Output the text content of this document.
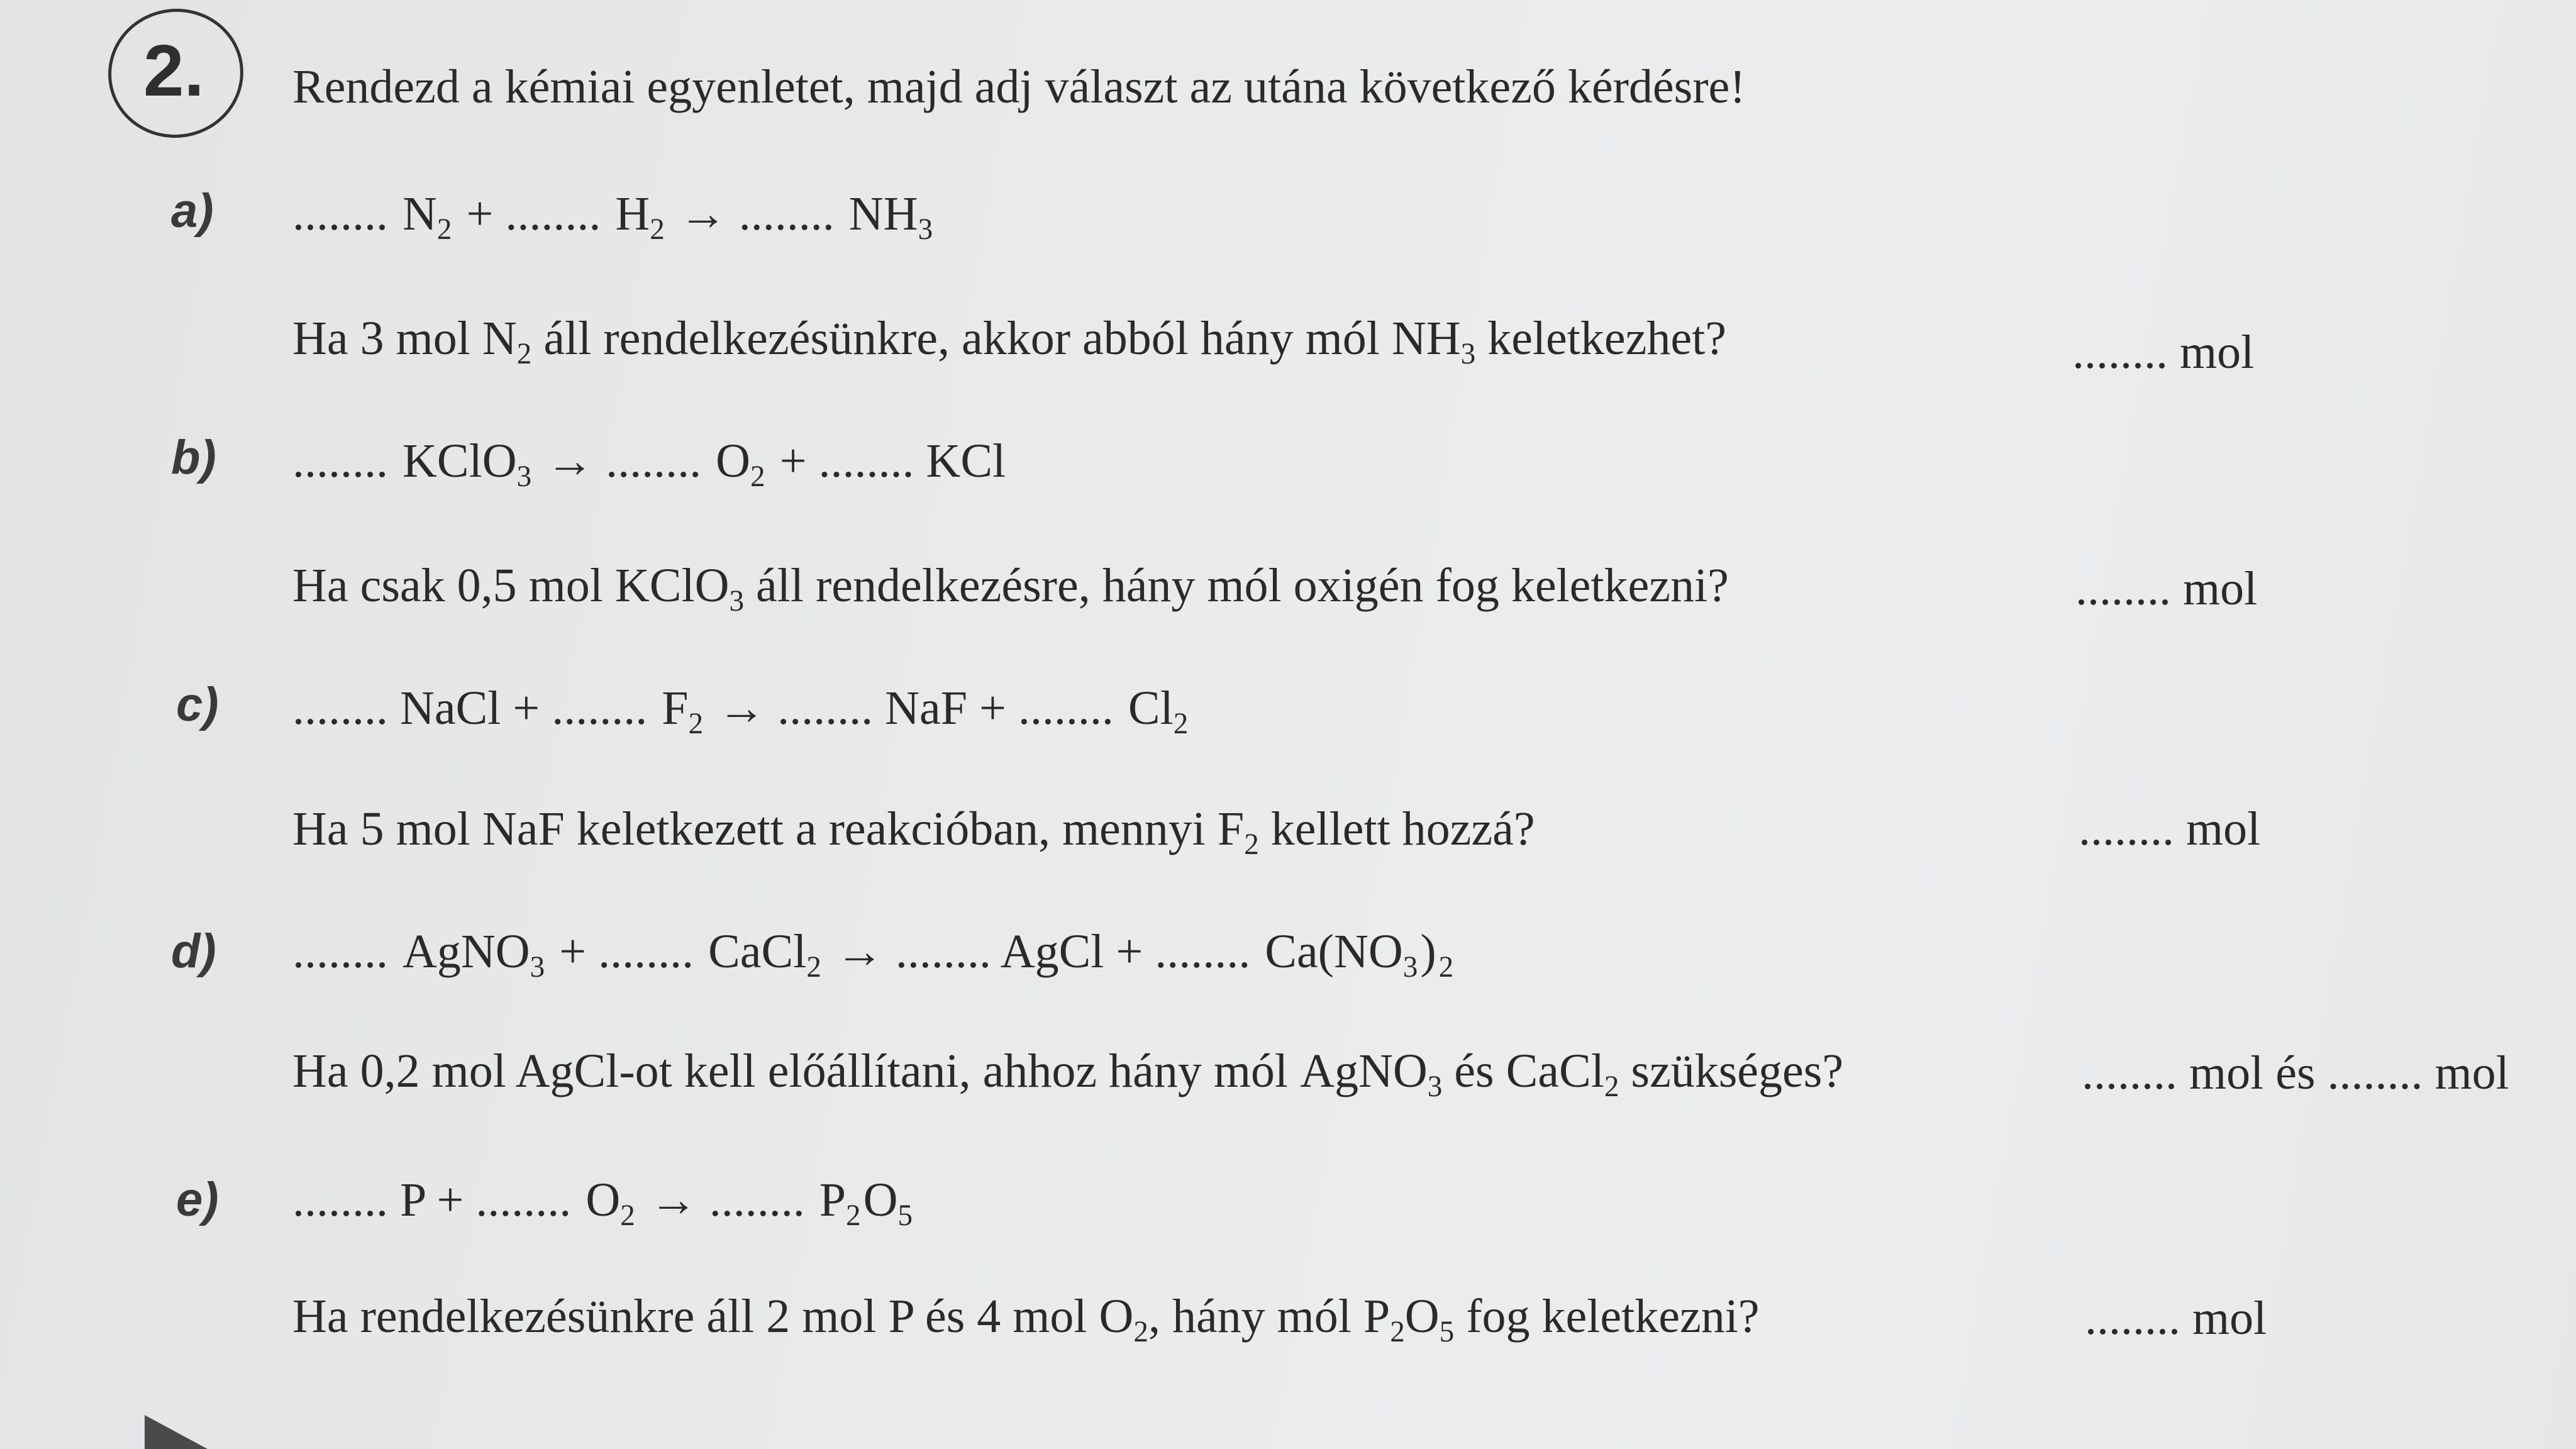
2. Rendezd a kémiai egyenletet, majd adj választ az utána következő kérdésre!
a) ........ $N_2$ + ........ $H_2$ → ........ $NH_3$
Ha 3 mol $N_2$ áll rendelkezésünkre, akkor abból hány mól $NH_3$ keletkezhet?	........ mol
b) ........ KClO$_3$ → ........ $O_2$ + ........ KCl
Ha csak 0,5 mol KClO$_3$ áll rendelkezésre, hány mól oxigén fog keletkezni?	........ mol
c) ........ NaCl + ........ $F_2$ → ........ NaF + ........ $Cl_2$
Ha 5 mol NaF keletkezett a reakcióban, mennyi $F_2$ kellett hozzá?	........ mol
d) ........ AgNO$_3$ + ........ CaCl$_2$ → ........ AgCl + ........ $Ca(NO_3)_2$
Ha 0,2 mol AgCl-ot kell előállítani, ahhoz hány mól AgNO$_3$ és CaCl$_2$ szükséges?	........ mol és ........ mol
e) ........ P + ........ $O_2$ → ........ $P_2O_5$
Ha rendelkezésünkre áll 2 mol P és 4 mol $O_2$, hány mól $P_2O_5$ fog keletkezni?	........ mol
